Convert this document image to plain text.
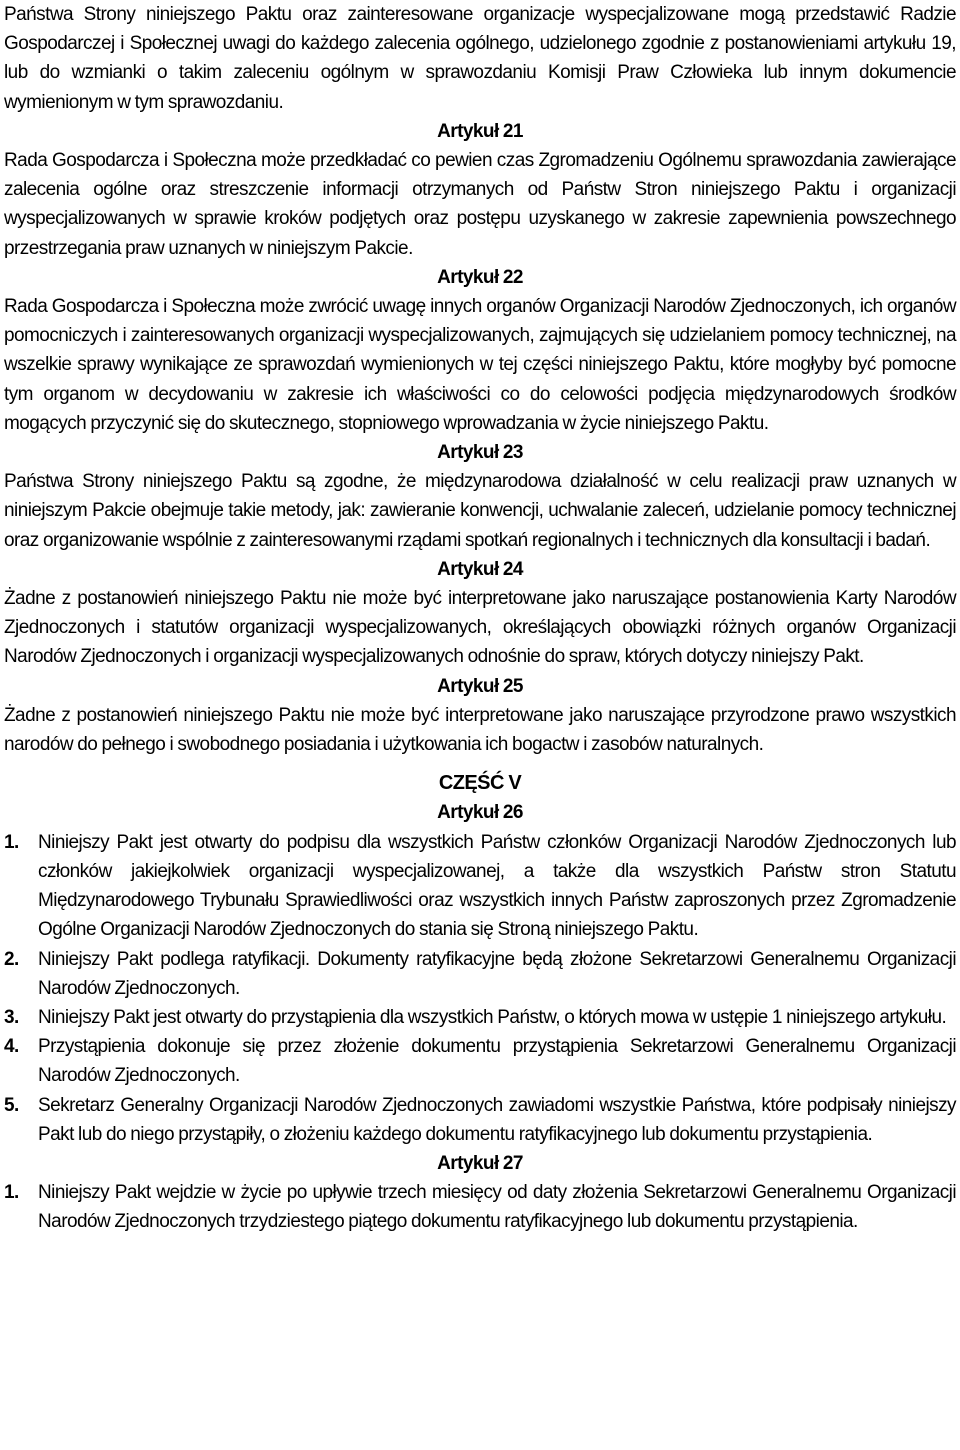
Państwa Strony niniejszego Paktu oraz zainteresowane organizacje wyspecjalizowane mogą przedstawić Radzie Gospodarczej i Społecznej uwagi do każdego zalecenia ogólnego, udzielonego zgodnie z postanowieniami artykułu 19, lub do wzmianki o takim zaleceniu ogólnym w sprawozdaniu Komisji Praw Człowieka lub innym dokumencie wymienionym w tym sprawozdaniu.

Artykuł 21

Rada Gospodarcza i Społeczna może przedkładać co pewien czas Zgromadzeniu Ogólnemu sprawozdania zawierające zalecenia ogólne oraz streszczenie informacji otrzymanych od Państw Stron niniejszego Paktu i organizacji wyspecjalizowanych w sprawie kroków podjętych oraz postępu uzyskanego w zakresie zapewnienia powszechnego przestrzegania praw uznanych w niniejszym Pakcie.

Artykuł 22

Rada Gospodarcza i Społeczna może zwrócić uwagę innych organów Organizacji Narodów Zjednoczonych, ich organów pomocniczych i zainteresowanych organizacji wyspecjalizowanych, zajmujących się udzielaniem pomocy technicznej, na wszelkie sprawy wynikające ze sprawozdań wymienionych w tej części niniejszego Paktu, które mogłyby być pomocne tym organom w decydowaniu w zakresie ich właściwości co do celowości podjęcia międzynarodowych środków mogących przyczynić się do skutecznego, stopniowego wprowadzania w życie niniejszego Paktu.

Artykuł 23

Państwa Strony niniejszego Paktu są zgodne, że międzynarodowa działalność w celu realizacji praw uznanych w niniejszym Pakcie obejmuje takie metody, jak: zawieranie konwencji, uchwalanie zaleceń, udzielanie pomocy technicznej oraz organizowanie wspólnie z zainteresowanymi rządami spotkań regionalnych i technicznych dla konsultacji i badań.

Artykuł 24

Żadne z postanowień niniejszego Paktu nie może być interpretowane jako naruszające postanowienia Karty Narodów Zjednoczonych i statutów organizacji wyspecjalizowanych, określających obowiązki różnych organów Organizacji Narodów Zjednoczonych i organizacji wyspecjalizowanych odnośnie do spraw, których dotyczy niniejszy Pakt.

Artykuł 25

Żadne z postanowień niniejszego Paktu nie może być interpretowane jako naruszające przyrodzone prawo wszystkich narodów do pełnego i swobodnego posiadania i użytkowania ich bogactw i zasobów naturalnych.

CZĘŚĆ V
Artykuł 26
1.	Niniejszy Pakt jest otwarty do podpisu dla wszystkich Państw członków Organizacji Narodów Zjednoczonych lub członków jakiejkolwiek organizacji wyspecjalizowanej, a także dla wszystkich Państw stron Statutu Międzynarodowego Trybunału Sprawiedliwości oraz wszystkich innych Państw zaproszonych przez Zgromadzenie Ogólne Organizacji Narodów Zjednoczonych do stania się Stroną niniejszego Paktu.
2.	Niniejszy Pakt podlega ratyfikacji. Dokumenty ratyfikacyjne będą złożone Sekretarzowi Generalnemu Organizacji Narodów Zjednoczonych.
3.	Niniejszy Pakt jest otwarty do przystąpienia dla wszystkich Państw, o których mowa w ustępie 1 niniejszego artykułu.
4.	Przystąpienia dokonuje się przez złożenie dokumentu przystąpienia Sekretarzowi Generalnemu Organizacji Narodów Zjednoczonych.
5.	Sekretarz Generalny Organizacji Narodów Zjednoczonych zawiadomi wszystkie Państwa, które podpisały niniejszy Pakt lub do niego przystąpiły, o złożeniu każdego dokumentu ratyfikacyjnego lub dokumentu przystąpienia.
Artykuł 27
1.	Niniejszy Pakt wejdzie w życie po upływie trzech miesięcy od daty złożenia Sekretarzowi Generalnemu Organizacji Narodów Zjednoczonych trzydziestego piątego dokumentu ratyfikacyjnego lub dokumentu przystąpienia.
